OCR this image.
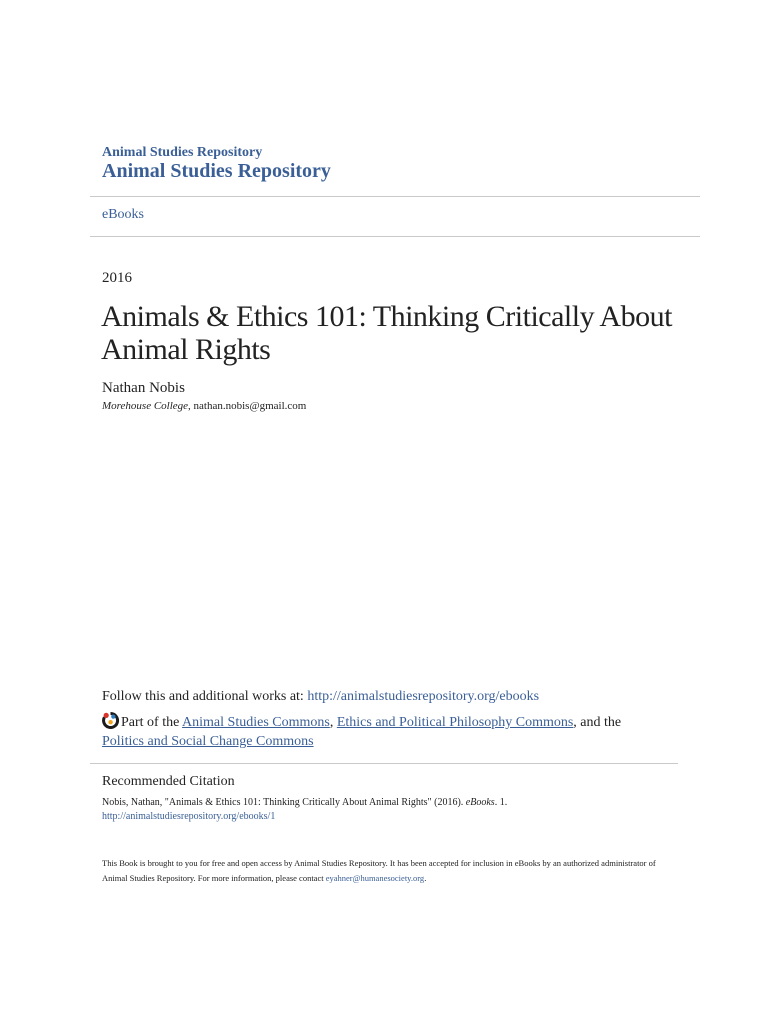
Animal Studies Repository
Animal Studies Repository
eBooks
2016
Animals & Ethics 101: Thinking Critically About Animal Rights
Nathan Nobis
Morehouse College, nathan.nobis@gmail.com
Follow this and additional works at: http://animalstudiesrepository.org/ebooks
Part of the Animal Studies Commons, Ethics and Political Philosophy Commons, and the
Politics and Social Change Commons
Recommended Citation
Nobis, Nathan, "Animals & Ethics 101: Thinking Critically About Animal Rights" (2016). eBooks. 1.
http://animalstudiesrepository.org/ebooks/1
This Book is brought to you for free and open access by Animal Studies Repository. It has been accepted for inclusion in eBooks by an authorized administrator of Animal Studies Repository. For more information, please contact eyahner@humanesociety.org.
